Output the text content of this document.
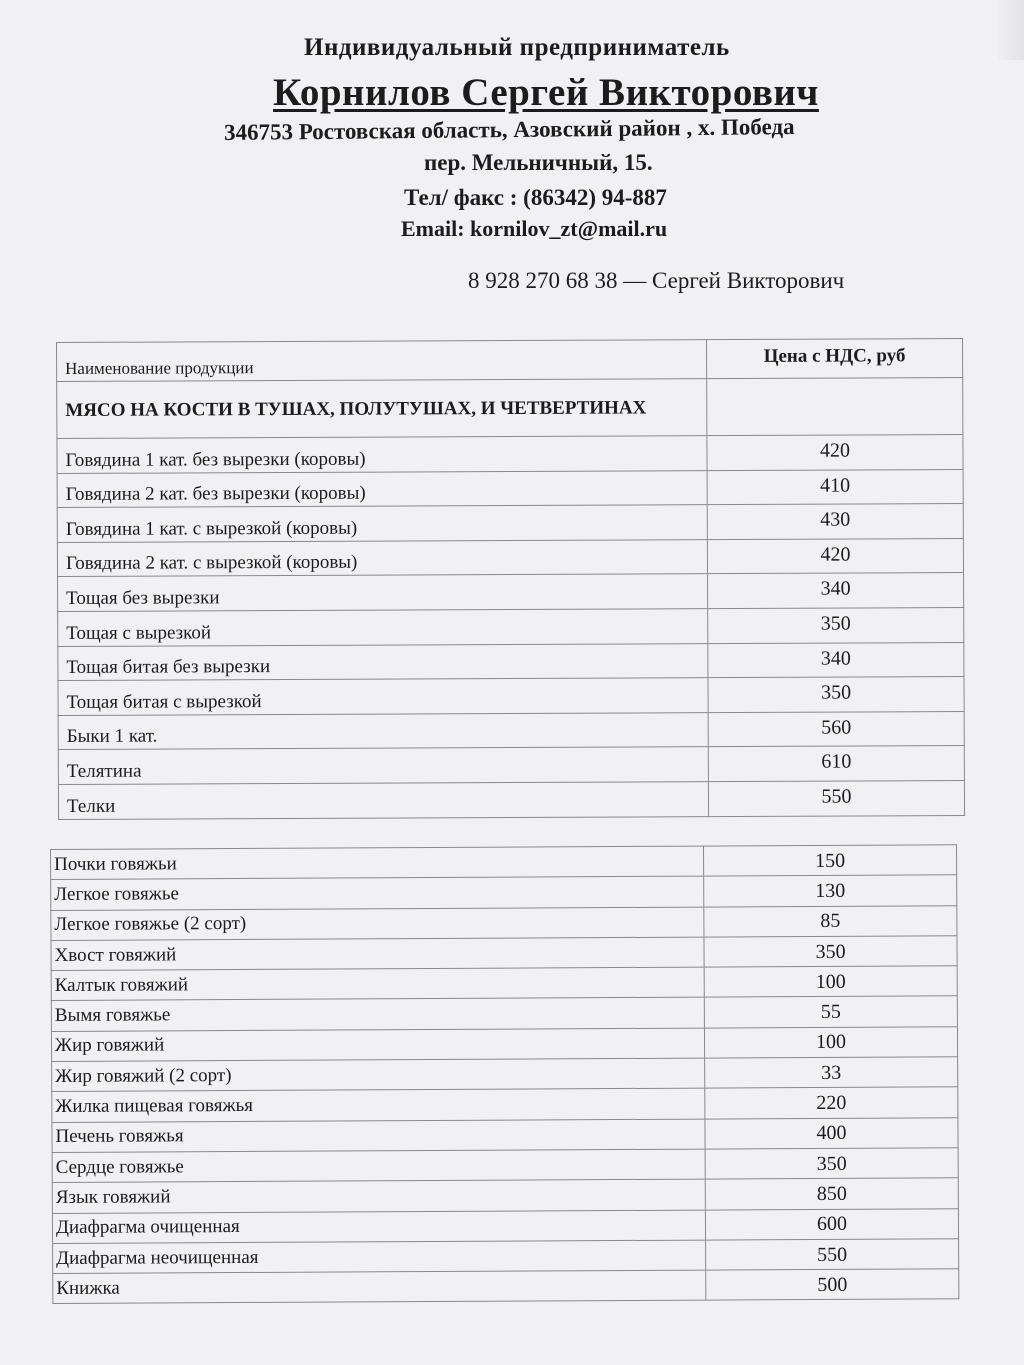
Индивидуальный предприниматель
Корнилов Сергей Викторович
346753 Ростовская область, Азовский район , х. Победа
пер. Мельничный, 15.
Тел/ факс : (86342) 94-887
Email: kornilov_zt@mail.ru
8 928 270 68 38 — Сергей Викторович
Наименование продукции	Цена с НДС, руб
МЯСО НА КОСТИ В ТУШАХ, ПОЛУТУШАХ, И ЧЕТВЕРТИНАХ	
Говядина 1 кат. без вырезки (коровы)	420
Говядина 2 кат. без вырезки (коровы)	410
Говядина 1 кат. с вырезкой (коровы)	430
Говядина 2 кат. с вырезкой (коровы)	420
Тощая без вырезки	340
Тощая с вырезкой	350
Тощая битая без вырезки	340
Тощая битая с вырезкой	350
Быки 1 кат.	560
Телятина	610
Телки	550
Почки говяжьи	150
Легкое говяжье	130
Легкое говяжье (2 сорт)	85
Хвост говяжий	350
Калтык говяжий	100
Вымя говяжье	55
Жир говяжий	100
Жир говяжий (2 сорт)	33
Жилка пищевая говяжья	220
Печень говяжья	400
Сердце говяжье	350
Язык говяжий	850
Диафрагма очищенная	600
Диафрагма неочищенная	550
Книжка	500
